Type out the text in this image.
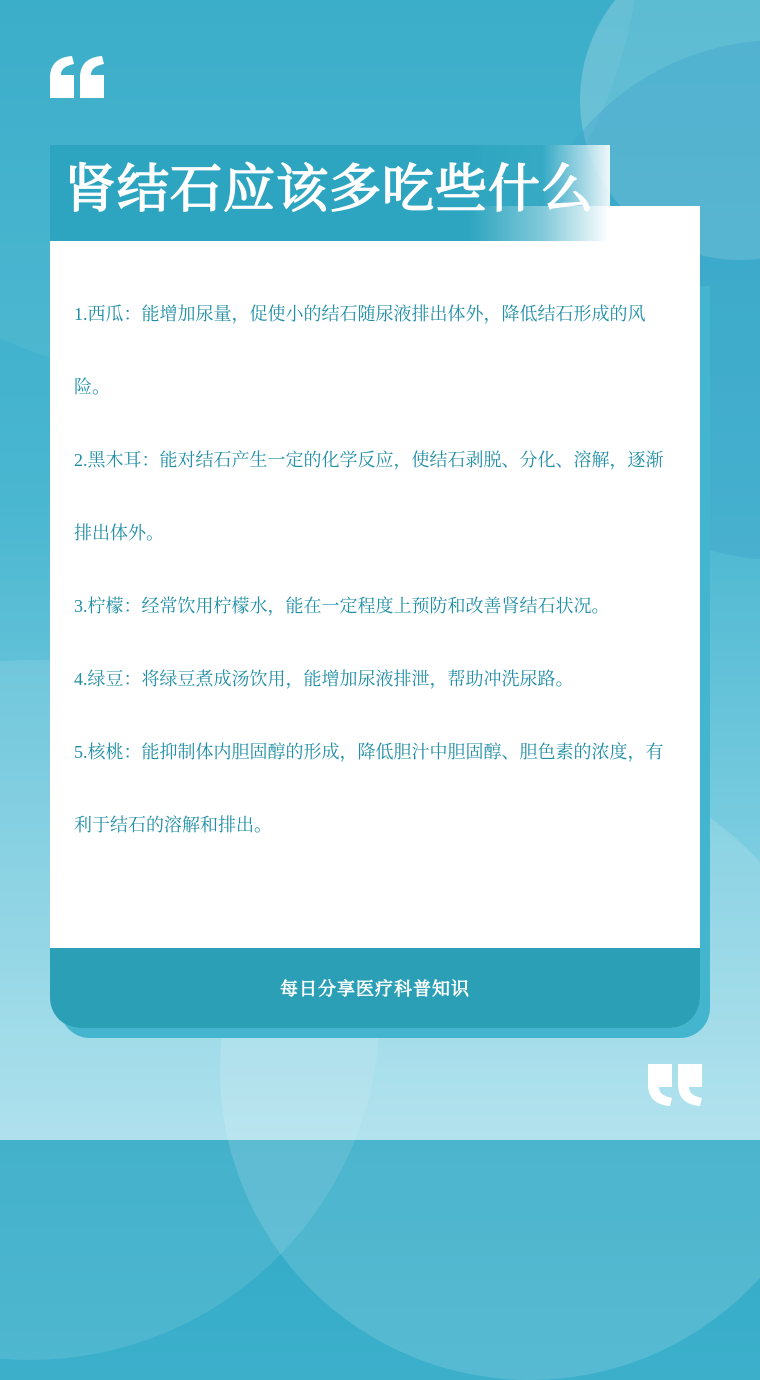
肾结石应该多吃些什么
1.西瓜：能增加尿量，促使小的结石随尿液排出体外，降低结石形成的风险。
2.黑木耳：能对结石产生一定的化学反应，使结石剥脱、分化、溶解，逐渐排出体外。
3.柠檬：经常饮用柠檬水，能在一定程度上预防和改善肾结石状况。
4.绿豆：将绿豆煮成汤饮用，能增加尿液排泄，帮助冲洗尿路。
5.核桃：能抑制体内胆固醇的形成，降低胆汁中胆固醇、胆色素的浓度，有利于结石的溶解和排出。
每日分享医疗科普知识
